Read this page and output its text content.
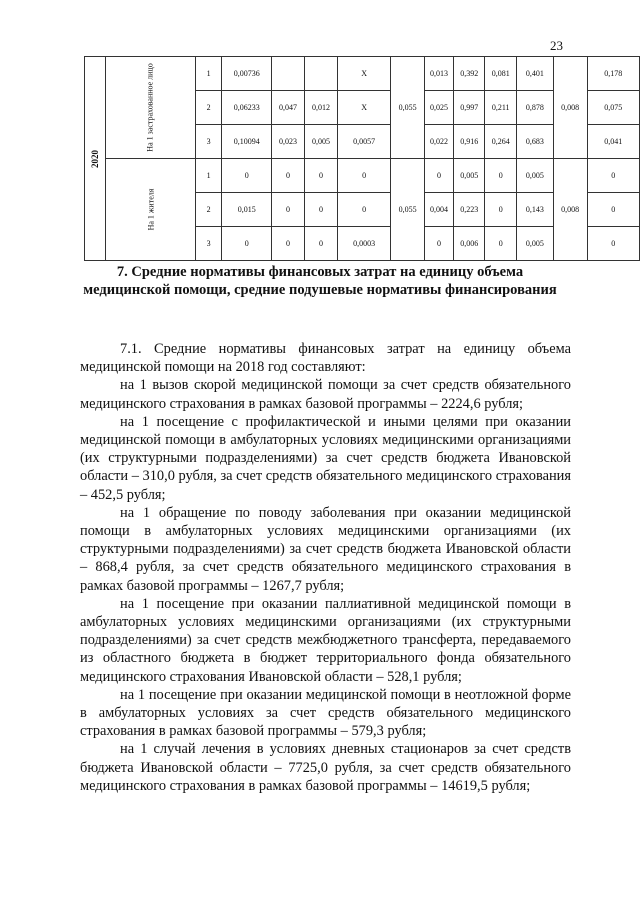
23
2020	На 1 застрахованное лицо	1	0,00736			X	0,055	0,013	0,392	0,081	0,401	0,008	0,178
		2	0,06233	0,047	0,012	X		0,025	0,997	0,211	0,878		0,075
		3	0,10094	0,023	0,005	0,0057		0,022	0,916	0,264	0,683		0,041
	На 1 жителя	1	0	0	0	0	0,055	0	0,005	0	0,005	0,008	0
		2	0,015	0	0	0		0,004	0,223	0	0,143		0
		3	0	0	0	0,0003		0	0,006	0	0,005		0
7. Средние нормативы финансовых затрат на единицу объема медицинской помощи, средние подушевые нормативы финансирования

7.1. Средние нормативы финансовых затрат на единицу объема медицинской помощи на 2018 год составляют:

на 1 вызов скорой медицинской помощи за счет средств обязательного медицинского страхования в рамках базовой программы – 2224,6 рубля;

на 1 посещение с профилактической и иными целями при оказании медицинской помощи в амбулаторных условиях медицинскими организациями (их структурными подразделениями) за счет средств бюджета Ивановской области – 310,0 рубля, за счет средств обязательного медицинского страхования – 452,5 рубля;

на 1 обращение по поводу заболевания при оказании медицинской помощи в амбулаторных условиях медицинскими организациями (их структурными подразделениями) за счет средств бюджета Ивановской области – 868,4 рубля, за счет средств обязательного медицинского страхования в рамках базовой программы – 1267,7 рубля;

на 1 посещение при оказании паллиативной медицинской помощи в амбулаторных условиях медицинскими организациями (их структурными подразделениями) за счет средств межбюджетного трансферта, передаваемого из областного бюджета в бюджет территориального фонда обязательного медицинского страхования Ивановской области – 528,1 рубля;

на 1 посещение при оказании медицинской помощи в неотложной форме в амбулаторных условиях за счет средств обязательного медицинского страхования в рамках базовой программы – 579,3 рубля;

на 1 случай лечения в условиях дневных стационаров за счет средств бюджета Ивановской области – 7725,0 рубля, за счет средств обязательного медицинского страхования в рамках базовой программы – 14619,5 рубля;
